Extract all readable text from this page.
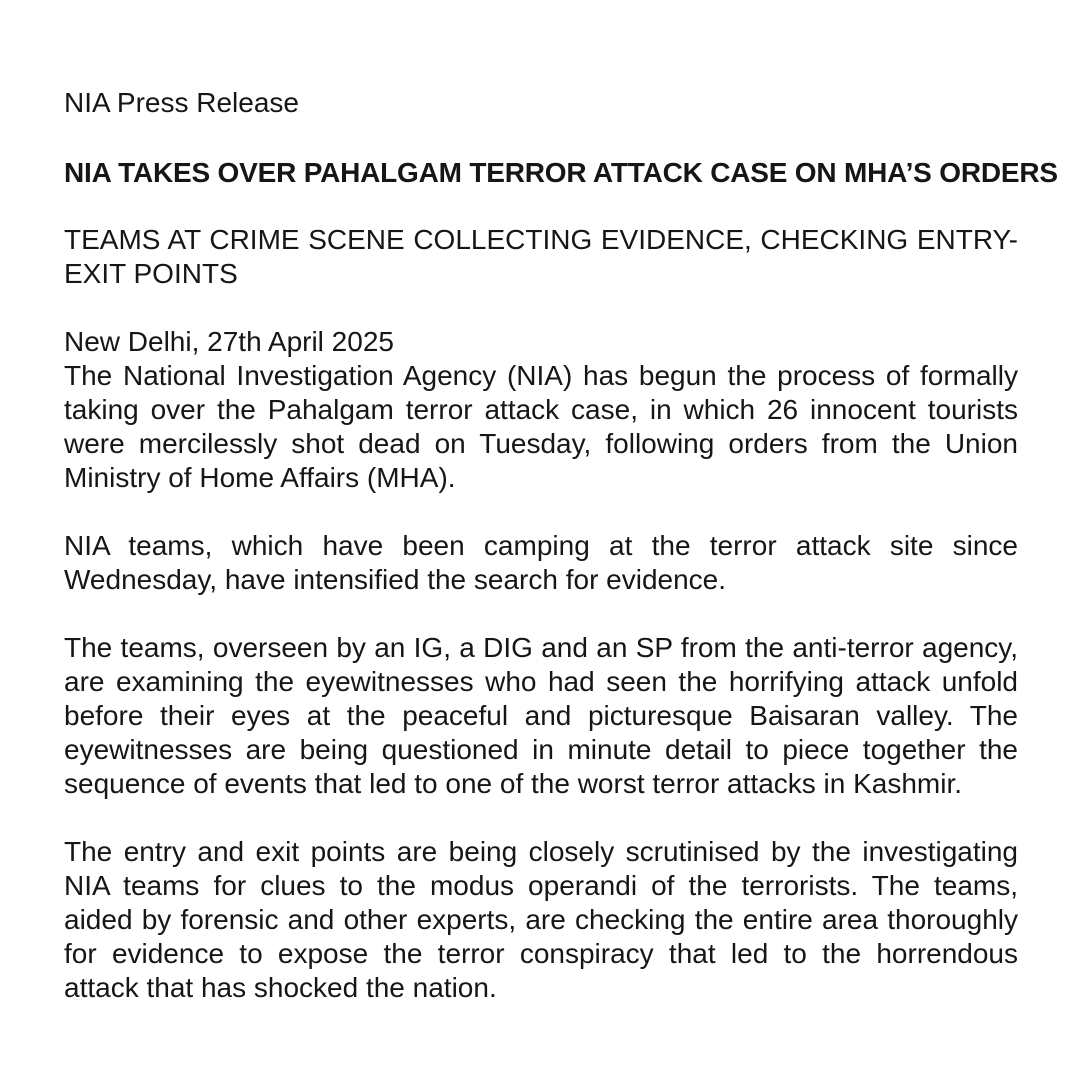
NIA Press Release

NIA TAKES OVER PAHALGAM TERROR ATTACK CASE ON MHA’S ORDERS
TEAMS AT CRIME SCENE COLLECTING EVIDENCE, CHECKING ENTRY-EXIT POINTS

New Delhi, 27th April 2025

The National Investigation Agency (NIA) has begun the process of formally taking over the Pahalgam terror attack case, in which 26 innocent tourists were mercilessly shot dead on Tuesday, following orders from the Union Ministry of Home Affairs (MHA).

NIA teams, which have been camping at the terror attack site since Wednesday, have intensified the search for evidence.

The teams, overseen by an IG, a DIG and an SP from the anti-terror agency, are examining the eyewitnesses who had seen the horrifying attack unfold before their eyes at the peaceful and picturesque Baisaran valley. The eyewitnesses are being questioned in minute detail to piece together the sequence of events that led to one of the worst terror attacks in Kashmir.

The entry and exit points are being closely scrutinised by the investigating NIA teams for clues to the modus operandi of the terrorists. The teams, aided by forensic and other experts, are checking the entire area thoroughly for evidence to expose the terror conspiracy that led to the horrendous attack that has shocked the nation.
